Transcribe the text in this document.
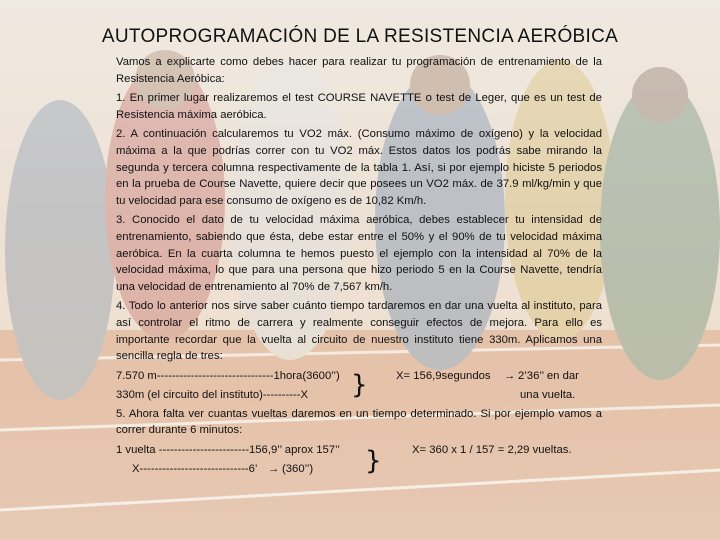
AUTOPROGRAMACIÓN DE LA RESISTENCIA AERÓBICA

Vamos a explicarte como debes hacer para realizar tu programación de entrenamiento de la Resistencia Aeróbica:

1. En primer lugar realizaremos el test COURSE NAVETTE o test de Leger, que es un test de Resistencia máxima aeróbica.

2. A continuación calcularemos tu VO2 máx. (Consumo máximo de oxígeno) y la velocidad máxima a la que podrías correr con tu VO2 máx. Estos datos los podrás sabe mirando la segunda y tercera columna respectivamente de la tabla 1. Así, si por ejemplo hiciste 5 periodos en la prueba de Course Navette, quiere decir que posees un VO2 máx. de 37.9 ml/kg/min y que tu velocidad para ese consumo de oxígeno es de 10,82 Km/h.

3. Conocido el dato de tu velocidad máxima aeróbica, debes establecer tu intensidad de entrenamiento, sabiendo que ésta, debe estar entre el 50% y el 90% de tu velocidad máxima aeróbica. En la cuarta columna te hemos puesto el ejemplo con la intensidad al 70% de la velocidad máxima, lo que para una persona que hizo periodo 5 en la Course Navette, tendría una velocidad de entrenamiento al 70% de 7,567 km/h.

4. Todo lo anterior nos sirve saber cuánto tiempo tardaremos en dar una vuelta al instituto, para así controlar el ritmo de carrera y realmente conseguir efectos de mejora. Para ello es importante recordar que la vuelta al circuito de nuestro instituto tiene 330m. Aplicamos una sencilla regla de tres:

7.570 m-------------------------------1hora(3600’’)	X= 156,9segundos → 2’36’’ en dar
330m (el circuito del instituto)----------X	una vuelta.

5. Ahora falta ver cuantas vueltas daremos en un tiempo determinado. Si por ejemplo vamos a correr durante 6 minutos:

1 vuelta ------------------------156,9’’ aprox 157’’	X= 360 x 1 / 157 = 2,29 vueltas.
X-----------------------------6’ → (360’’)
}
}
